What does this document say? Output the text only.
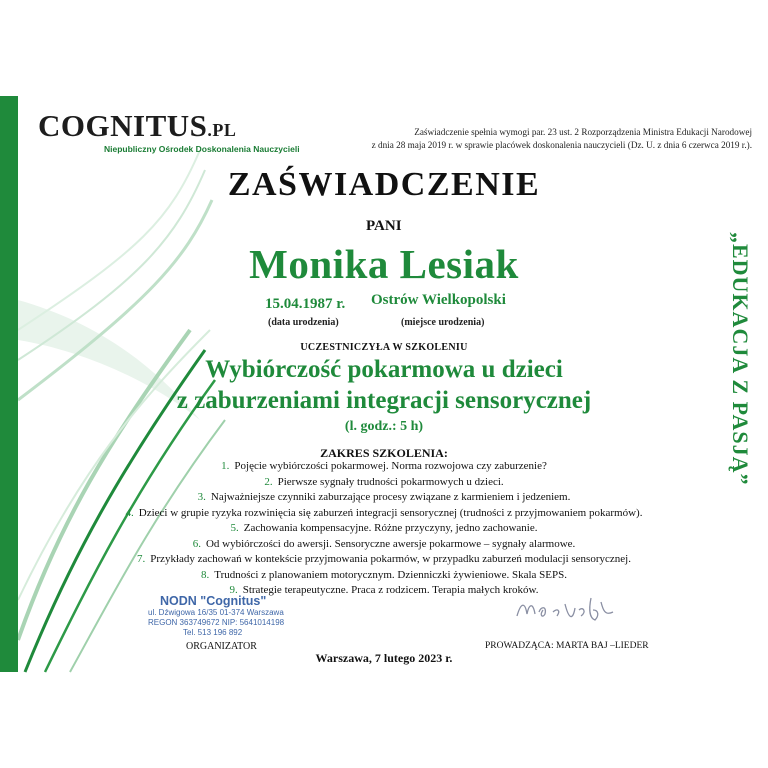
COGNITUS.PL
Niepubliczny Ośrodek Doskonalenia Nauczycieli
Zaświadczenie spełnia wymogi par. 23 ust. 2 Rozporządzenia Ministra Edukacji Narodowej
z dnia 28 maja 2019 r. w sprawie placówek doskonalenia nauczycieli (Dz. U. z dnia 6 czerwca 2019 r.).
ZAŚWIADCZENIE
PANI
Monika Lesiak
15.04.1987 r.
(data urodzenia)
Ostrów Wielkopolski
(miejsce urodzenia)
UCZESTNICZYŁA W SZKOLENIU
Wybiórczość pokarmowa u dzieci
z zaburzeniami integracji sensorycznej
(l. godz.: 5 h)
ZAKRES SZKOLENIA:
1. Pojęcie wybiórczości pokarmowej. Norma rozwojowa czy zaburzenie?
2. Pierwsze sygnały trudności pokarmowych u dzieci.
3. Najważniejsze czynniki zaburzające procesy związane z karmieniem i jedzeniem.
4. Dzieci w grupie ryzyka rozwinięcia się zaburzeń integracji sensorycznej (trudności z przyjmowaniem pokarmów).
5. Zachowania kompensacyjne. Różne przyczyny, jedno zachowanie.
6. Od wybiórczości do awersji. Sensoryczne awersje pokarmowe – sygnały alarmowe.
7. Przykłady zachowań w kontekście przyjmowania pokarmów, w przypadku zaburzeń modulacji sensorycznej.
8. Trudności z planowaniem motorycznym. Dzienniczki żywieniowe. Skala SEPS.
9. Strategie terapeutyczne. Praca z rodzicem. Terapia małych kroków.
NODN "Cognitus"
ul. Dźwigowa 16/35 01-374 Warszawa
REGON 363749672 NIP: 5641014198
Tel. 513 196 892
ORGANIZATOR	PROWADZĄCA: MARTA BAJ –LIEDER
Warszawa, 7 lutego 2023 r.
„EDUKACJA Z PASJĄ”
